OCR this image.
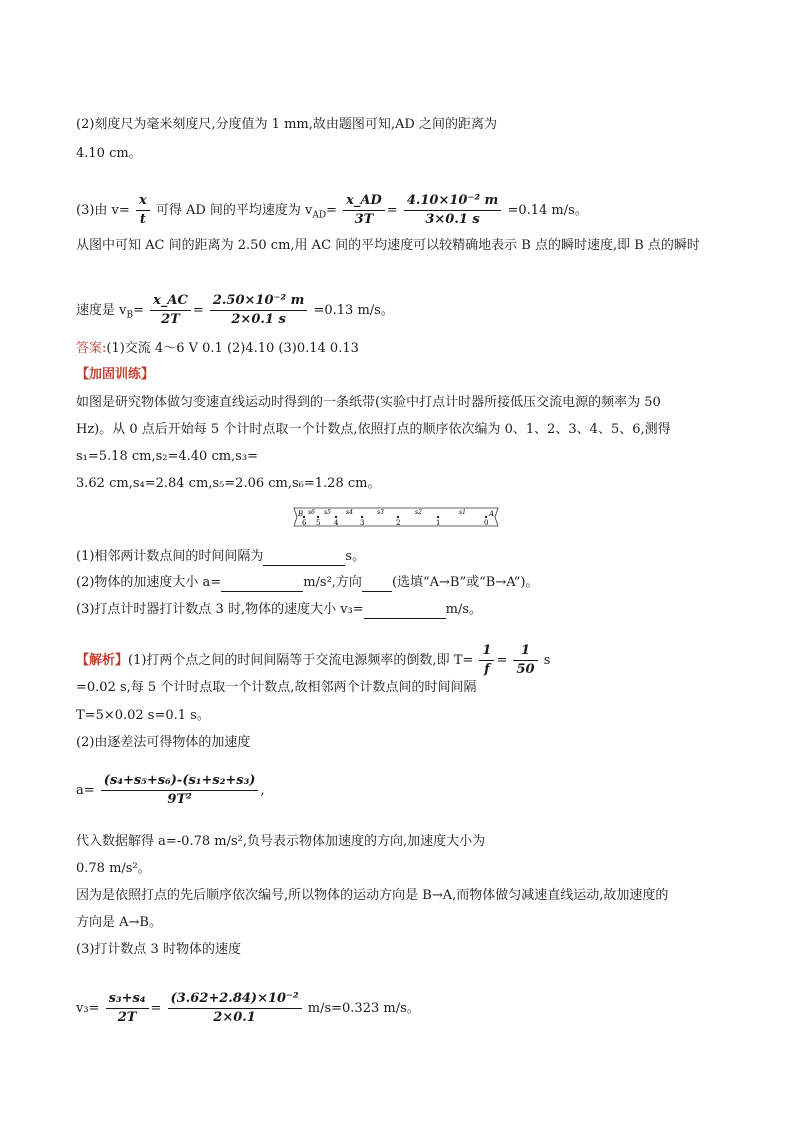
(2)刻度尺为毫米刻度尺,分度值为 1 mm,故由题图可知,AD 之间的距离为
4.10 cm。
(3)由 $v= \frac{x}{t}$ 可得 AD 间的平均速度为 $v_{AD}= \frac{x\_AD}{3T} = \frac{\text{4.10×10⁻² m}}{3\times 0.1 s} =0.14$ m/s。
从图中可知 AC 间的距离为 2.50 cm,用 AC 间的平均速度可以较精确地表示 B 点的瞬时速度,即 B 点的瞬时
速度是 $v_B= \frac{x\_AC}{2T} = \frac{\text{2.50×10⁻² m}}{2\times 0.1 s} =0.13$ m/s。
答案:(1)交流 4～6 V 0.1 (2)4.10 (3)0.14 0.13
【加固训练】
如图是研究物体做匀变速直线运动时得到的一条纸带(实验中打点计时器所接低压交流电源的频率为 50
Hz)。从 0 点后开始每 5 个计时点取一个计数点,依照打点的顺序依次编为 0、1、2、3、4、5、6,测得
s₁=5.18 cm,s₂=4.40 cm,s₃=
3.62 cm,s₄=2.84 cm,s₅=2.06 cm,s₆=1.28 cm。
B	A
6 5 4	3	2	1	0
s6 s5	s4	s3	s2	s1
(1)相邻两计数点间的时间间隔为	s。
(2)物体的加速度大小 a=	m/s²,方向 (选填“A→B”或“B→A”)。
(3)打点计时器打计数点 3 时,物体的速度大小 v₃=	m/s。
【解析】(1)打两个点之间的时间间隔等于交流电源频率的倒数,即 $T= \frac{1}{f} = \frac{1}{50}$ s
=0.02 s,每 5 个计时点取一个计数点,故相邻两个计数点间的时间间隔
T=5×0.02 s=0.1 s。
(2)由逐差法可得物体的加速度
$a= \frac{\text{(s₄+s₅+s₆)-(s₁+s₂+s₃)}}{\text{9T²}}$ ,
代入数据解得 a=-0.78 m/s²,负号表示物体加速度的方向,加速度大小为
0.78 m/s²。
因为是依照打点的先后顺序依次编号,所以物体的运动方向是 B→A,而物体做匀减速直线运动,故加速度的
方向是 A→B。
(3)打计数点 3 时物体的速度
$v_3= \frac{\text{s₃+s₄}}{2T} = \frac{\text{(3.62+2.84)×10⁻²}}{2\times 0.1} m/s=0.323$ m/s。
